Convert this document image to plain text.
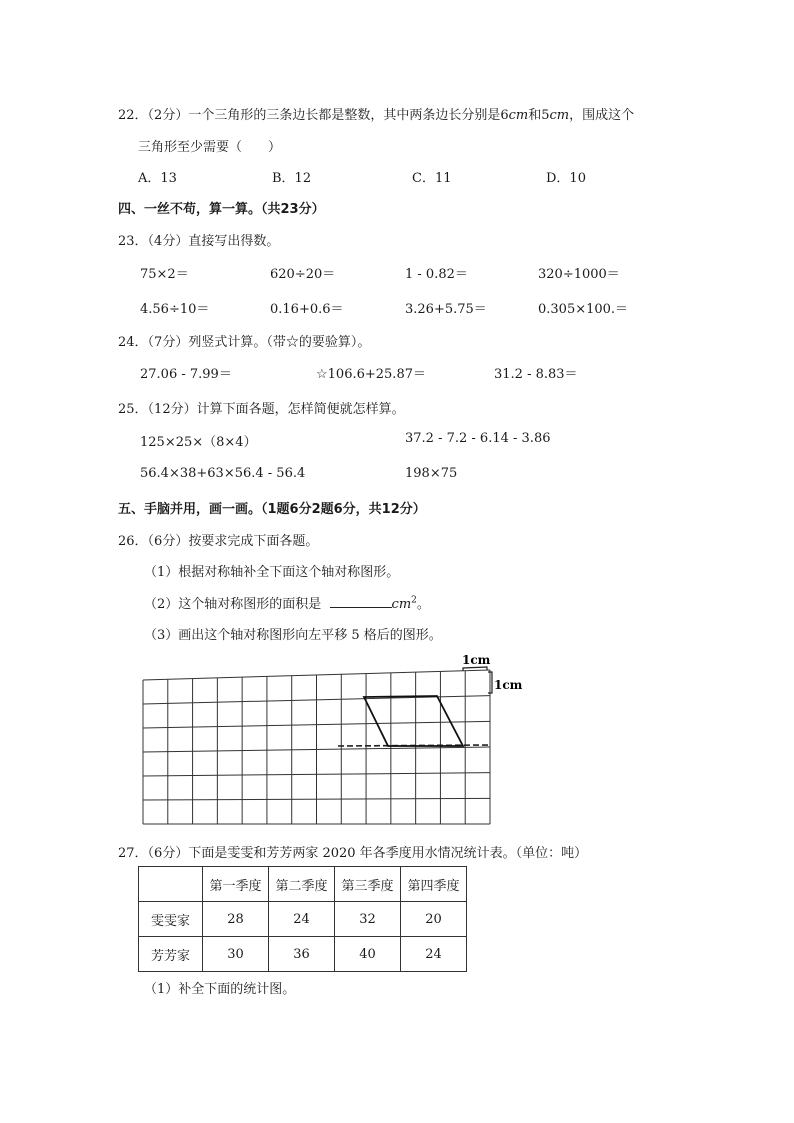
22．（2分）一个三角形的三条边长都是整数，其中两条边长分别是6cm和5cm，围成这个
三角形至少需要（　　）
A．13	B．12	C．11	D．10
四、一丝不苟，算一算。（共23分）
23．（4分）直接写出得数。
75×2＝	620÷20＝	1 - 0.82＝	320÷1000＝
4.56÷10＝	0.16+0.6＝	3.26+5.75＝	0.305×100.＝
24．（7分）列竖式计算。（带☆的要验算）。
27.06 - 7.99＝	☆106.6+25.87＝	31.2 - 8.83＝
25．（12分）计算下面各题，怎样简便就怎样算。
125×25×（8×4）	37.2 - 7.2 - 6.14 - 3.86
56.4×38+63×56.4 - 56.4	198×75
五、手脑并用，画一画。（1题6分2题6分，共12分）
26．（6分）按要求完成下面各题。
（1）根据对称轴补全下面这个轴对称图形。
（2）这个轴对称图形的面积是	$cm^2$。
（3）画出这个轴对称图形向左平移 5 格后的图形。
1cm
1cm
27．（6分）下面是雯雯和芳芳两家 2020 年各季度用水情况统计表。（单位：吨）
	第一季度	第二季度	第三季度	第四季度
雯雯家	28	24	32	20
芳芳家	30	36	40	24
（1）补全下面的统计图。
